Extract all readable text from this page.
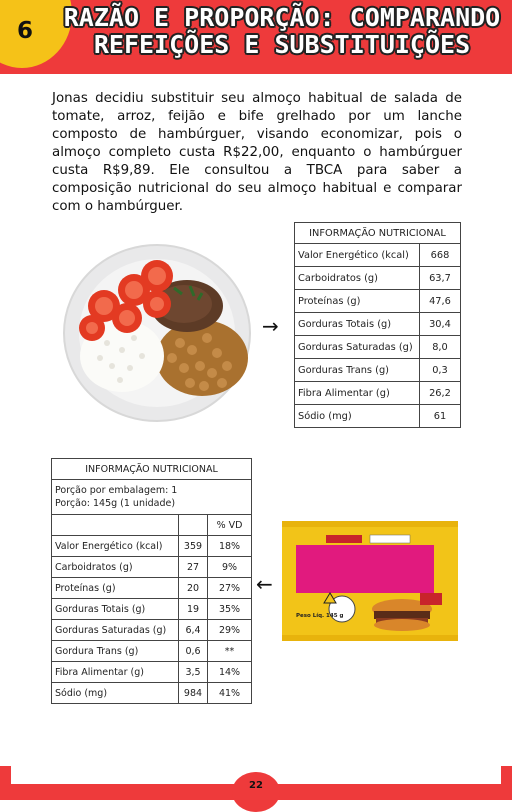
6 RAZÃO E PROPORÇÃO: COMPARANDO
REFEIÇÕES E SUBSTITUIÇÕES
Jonas decidiu substituir seu almoço habitual de salada de tomate, arroz, feijão e bife grelhado por um lanche composto de hambúrguer, visando economizar, pois o almoço completo custa R$22,00, enquanto o hambúrguer custa R$9,89. Ele consultou a TBCA para saber a composição nutricional do seu almoço habitual e comparar com o hambúrguer.
→
INFORMAÇÃO NUTRICIONAL	
Valor Energético (kcal)	668
Carboidratos (g)	63,7
Proteínas (g)	47,6
Gorduras Totais (g)	30,4
Gorduras Saturadas (g)	8,0
Gorduras Trans (g)	0,3
Fibra Alimentar (g)	26,2
Sódio (mg)	61
INFORMAÇÃO NUTRICIONAL		

Porção por embalagem: 1
Porção: 145g (1 unidade)		

		% VD
Valor Energético (kcal)	359	18%
Carboidratos (g)	27	9%
Proteínas (g)	20	27%
Gorduras Totais (g)	19	35%
Gorduras Saturadas (g)	6,4	29%
Gordura Trans (g)	0,6	**
Fibra Alimentar (g)	3,5	14%
Sódio (mg)	984	41%
←
Peso Líq. 145 g
22
